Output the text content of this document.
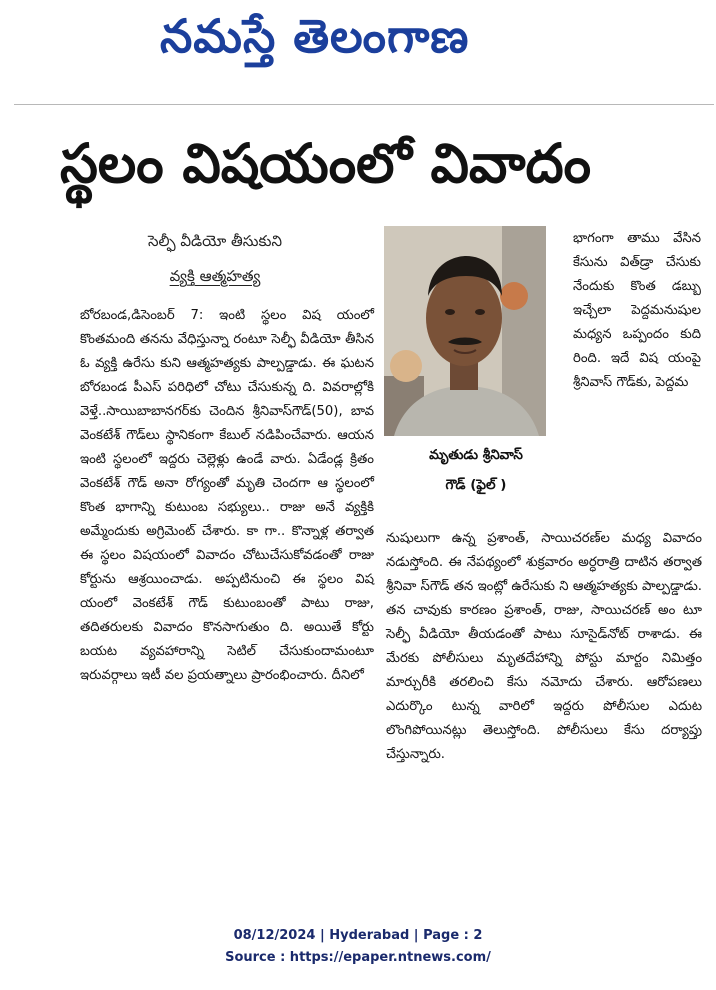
నమస్తే తెలంగాణ
స్థలం విషయంలో వివాదం
సెల్ఫీ వీడియో తీసుకుని
వ్యక్తి ఆత్మహత్య

బోరబండ,డిసెంబర్ 7: ఇంటి స్థలం విష యంలో కొంతమంది తనను వేధిస్తున్నా రంటూ సెల్ఫీ వీడియో తీసిన ఓ వ్యక్తి ఉరేసు కుని ఆత్మహత్యకు పాల్పడ్డాడు. ఈ ఘటన బోరబండ పీఎస్ పరిధిలో చోటు చేసుకున్న ది. వివరాల్లోకి వెళ్తే..సాయిబాబానగర్‌కు చెందిన శ్రీనివాస్‌గౌడ్(50), బావ వెంకటేశ్ గౌడ్‌లు స్థానికంగా కేబుల్ నడిపించేవారు. ఆయన ఇంటి స్థలంలో ఇద్దరు చెల్లెళ్లు ఉండే వారు. ఏడేండ్ల క్రితం వెంకటేశ్ గౌడ్ అనా రోగ్యంతో మృతి చెందగా ఆ స్థలంలో కొంత భాగాన్ని కుటుంబ సభ్యులు.. రాజు అనే వ్యక్తికి అమ్మేందుకు అగ్రిమెంట్ చేశారు. కా గా.. కొన్నాళ్ల తర్వాత ఈ స్థలం విషయంలో వివాదం చోటుచేసుకోవడంతో రాజు కోర్టును ఆశ్రయించాడు. అప్పటినుంచి ఈ స్థలం విష యంలో వెంకటేశ్ గౌడ్ కుటుంబంతో పాటు రాజు, తదితరులకు వివాదం కొనసాగుతుం ది. అయితే కోర్టు బయట వ్యవహారాన్ని సెటిల్ చేసుకుందామంటూ ఇరువర్గాలు ఇటీ వల ప్రయత్నాలు ప్రారంభించారు. దీనిలో

మృతుడు శ్రీనివాస్
గౌడ్ (ఫైల్ )

భాగంగా తాము వేసిన కేసును విత్‌డ్రా చేసుకు నేందుకు కొంత డబ్బు ఇచ్చేలా పెద్దమనుషుల మధ్యన ఒప్పందం కుది రింది. ఇదే విష యంపై శ్రీనివాస్ గౌడ్‌కు, పెద్దమ

నుషులుగా ఉన్న ప్రశాంత్, సాయిచరణ్‌ల మధ్య వివాదం నడుస్తోంది. ఈ నేపథ్యంలో శుక్రవారం అర్ధరాత్రి దాటిన తర్వాత శ్రీనివా స్‌గౌడ్ తన ఇంట్లో ఉరేసుకు ని ఆత్మహత్యకు పాల్పడ్డాడు. తన చావుకు కారణం ప్రశాంత్, రాజు, సాయిచరణ్ అం టూ సెల్ఫీ వీడియో తీయడంతో పాటు సూసైడ్‌నోట్ రాశాడు. ఈ మేరకు పోలీసులు మృతదేహాన్ని పోస్టు మార్టం నిమిత్తం మార్చురీకి తరలించి కేసు నమోదు చేశారు. ఆరోపణలు ఎదుర్కొం టున్న వారిలో ఇద్దరు పోలీసుల ఎదుట లొంగిపోయినట్లు తెలుస్తోంది. పోలీసులు కేసు దర్యాప్తు చేస్తున్నారు.

08/12/2024 | Hyderabad | Page : 2
Source : https://epaper.ntnews.com/
